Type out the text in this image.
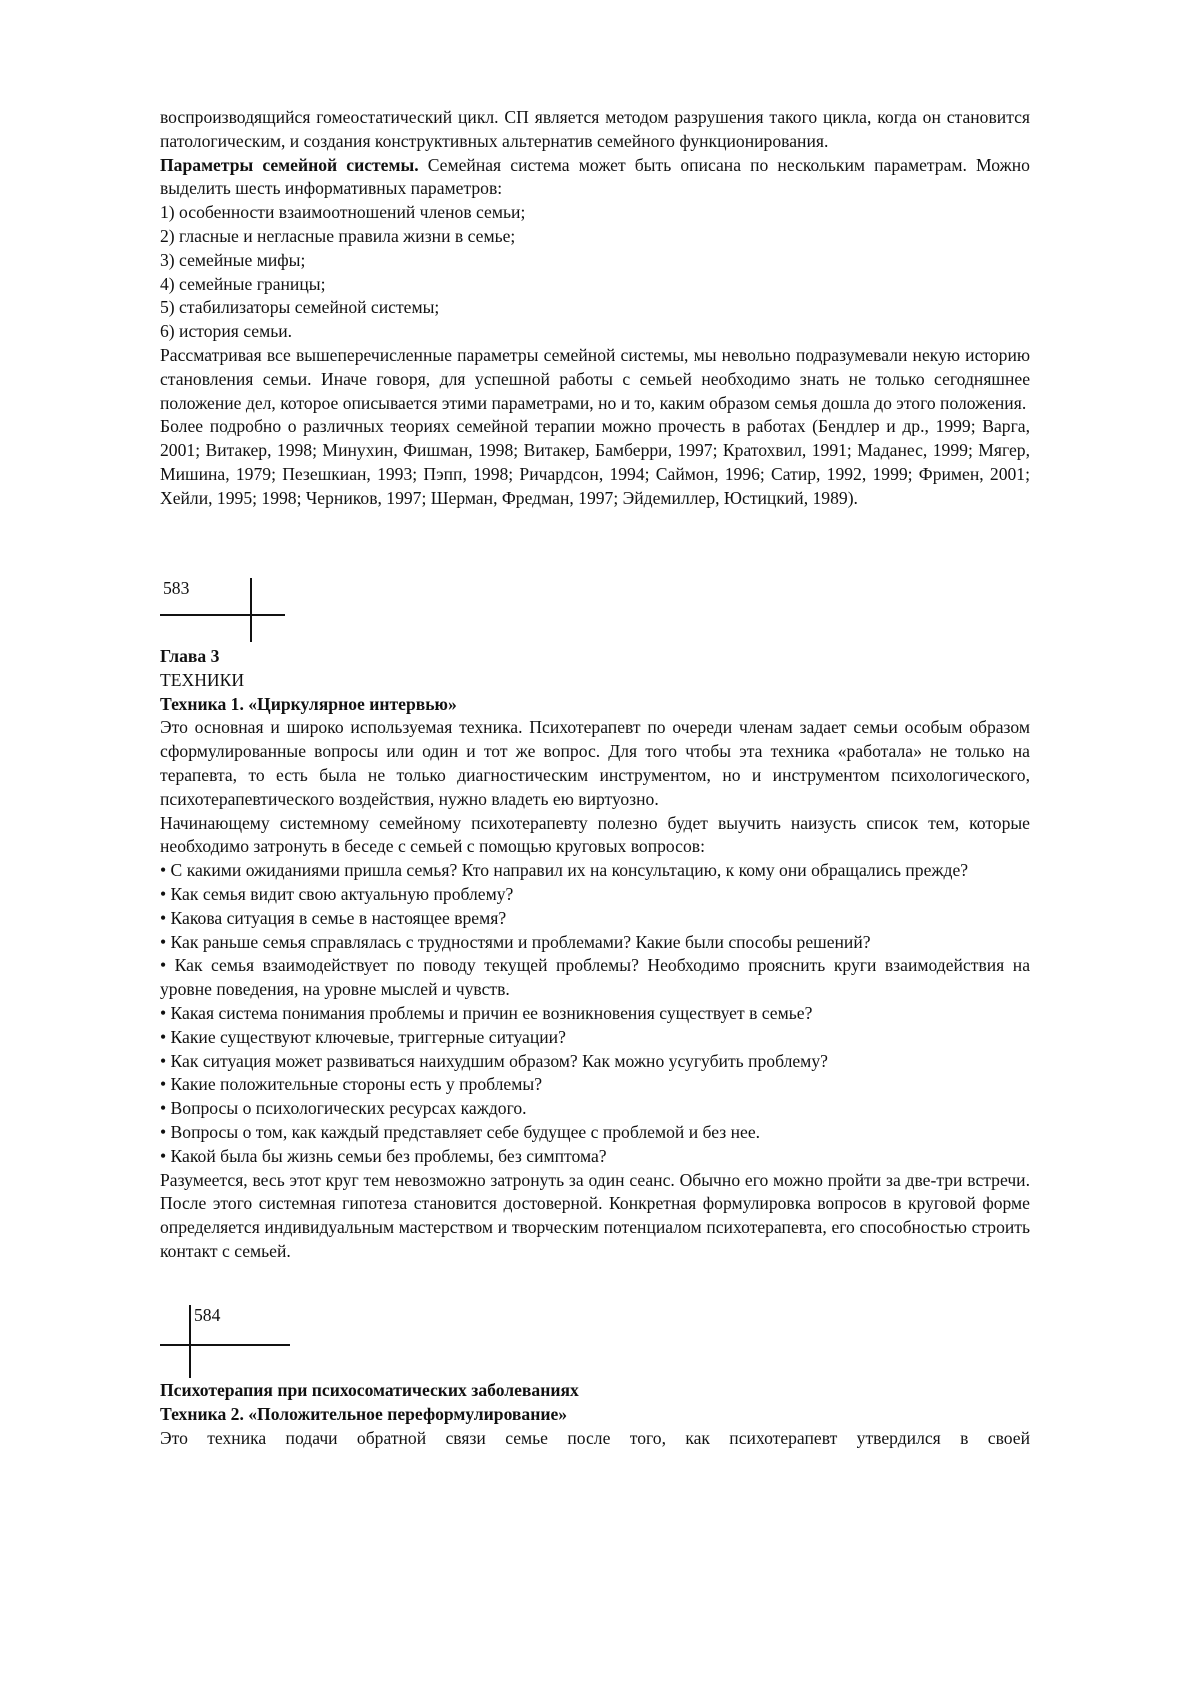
воспроизводящийся гомеостатический цикл. СП является методом разрушения такого цикла, когда он становится патологическим, и создания конструктивных альтернатив семейного функционирования.

Параметры семейной системы. Семейная система может быть описана по нескольким параметрам. Можно выделить шесть информативных параметров:

1) особенности взаимоотношений членов семьи;

2) гласные и негласные правила жизни в семье;

3) семейные мифы;

4) семейные границы;

5) стабилизаторы семейной системы;

6) история семьи.

Рассматривая все вышеперечисленные параметры семейной системы, мы невольно подразумевали некую историю становления семьи. Иначе говоря, для успешной работы с семьей необходимо знать не только сегодняшнее положение дел, которое описывается этими параметрами, но и то, каким образом семья дошла до этого положения.

Более подробно о различных теориях семейной терапии можно прочесть в работах (Бендлер и др., 1999; Варга, 2001; Витакер, 1998; Минухин, Фишман, 1998; Витакер, Бамберри, 1997; Кратохвил, 1991; Маданес, 1999; Мягер, Мишина, 1979; Пезешкиан, 1993; Пэпп, 1998; Ричардсон, 1994; Саймон, 1996; Сатир, 1992, 1999; Фримен, 2001; Хейли, 1995; 1998; Черников, 1997; Шерман, Фредман, 1997; Эйдемиллер, Юстицкий, 1989).

583

Глава 3

ТЕХНИКИ

Техника 1. «Циркулярное интервью»

Это основная и широко используемая техника. Психотерапевт по очереди членам задает семьи особым образом сформулированные вопросы или один и тот же вопрос. Для того чтобы эта техника «работала» не только на терапевта, то есть была не только диагностическим инструментом, но и инструментом психологического, психотерапевтического воздействия, нужно владеть ею виртуозно.

Начинающему системному семейному психотерапевту полезно будет выучить наизусть список тем, которые необходимо затронуть в беседе с семьей с помощью круговых вопросов:

• С какими ожиданиями пришла семья? Кто направил их на консультацию, к кому они обращались прежде?

• Как семья видит свою актуальную проблему?

• Какова ситуация в семье в настоящее время?

• Как раньше семья справлялась с трудностями и проблемами? Какие были способы решений?

• Как семья взаимодействует по поводу текущей проблемы? Необходимо прояснить круги взаимодействия на уровне поведения, на уровне мыслей и чувств.

• Какая система понимания проблемы и причин ее возникновения существует в семье?

• Какие существуют ключевые, триггерные ситуации?

• Как ситуация может развиваться наихудшим образом? Как можно усугубить проблему?

• Какие положительные стороны есть у проблемы?

• Вопросы о психологических ресурсах каждого.

• Вопросы о том, как каждый представляет себе будущее с проблемой и без нее.

• Какой была бы жизнь семьи без проблемы, без симптома?

Разумеется, весь этот круг тем невозможно затронуть за один сеанс. Обычно его можно пройти за две-три встречи. После этого системная гипотеза становится достоверной. Конкретная формулировка вопросов в круговой форме определяется индивидуальным мастерством и творческим потенциалом психотерапевта, его способностью строить контакт с семьей.

584

Психотерапия при психосоматических заболеваниях

Техника 2. «Положительное переформулирование»

Это техника подачи обратной связи семье после того, как психотерапевт утвердился в своей
